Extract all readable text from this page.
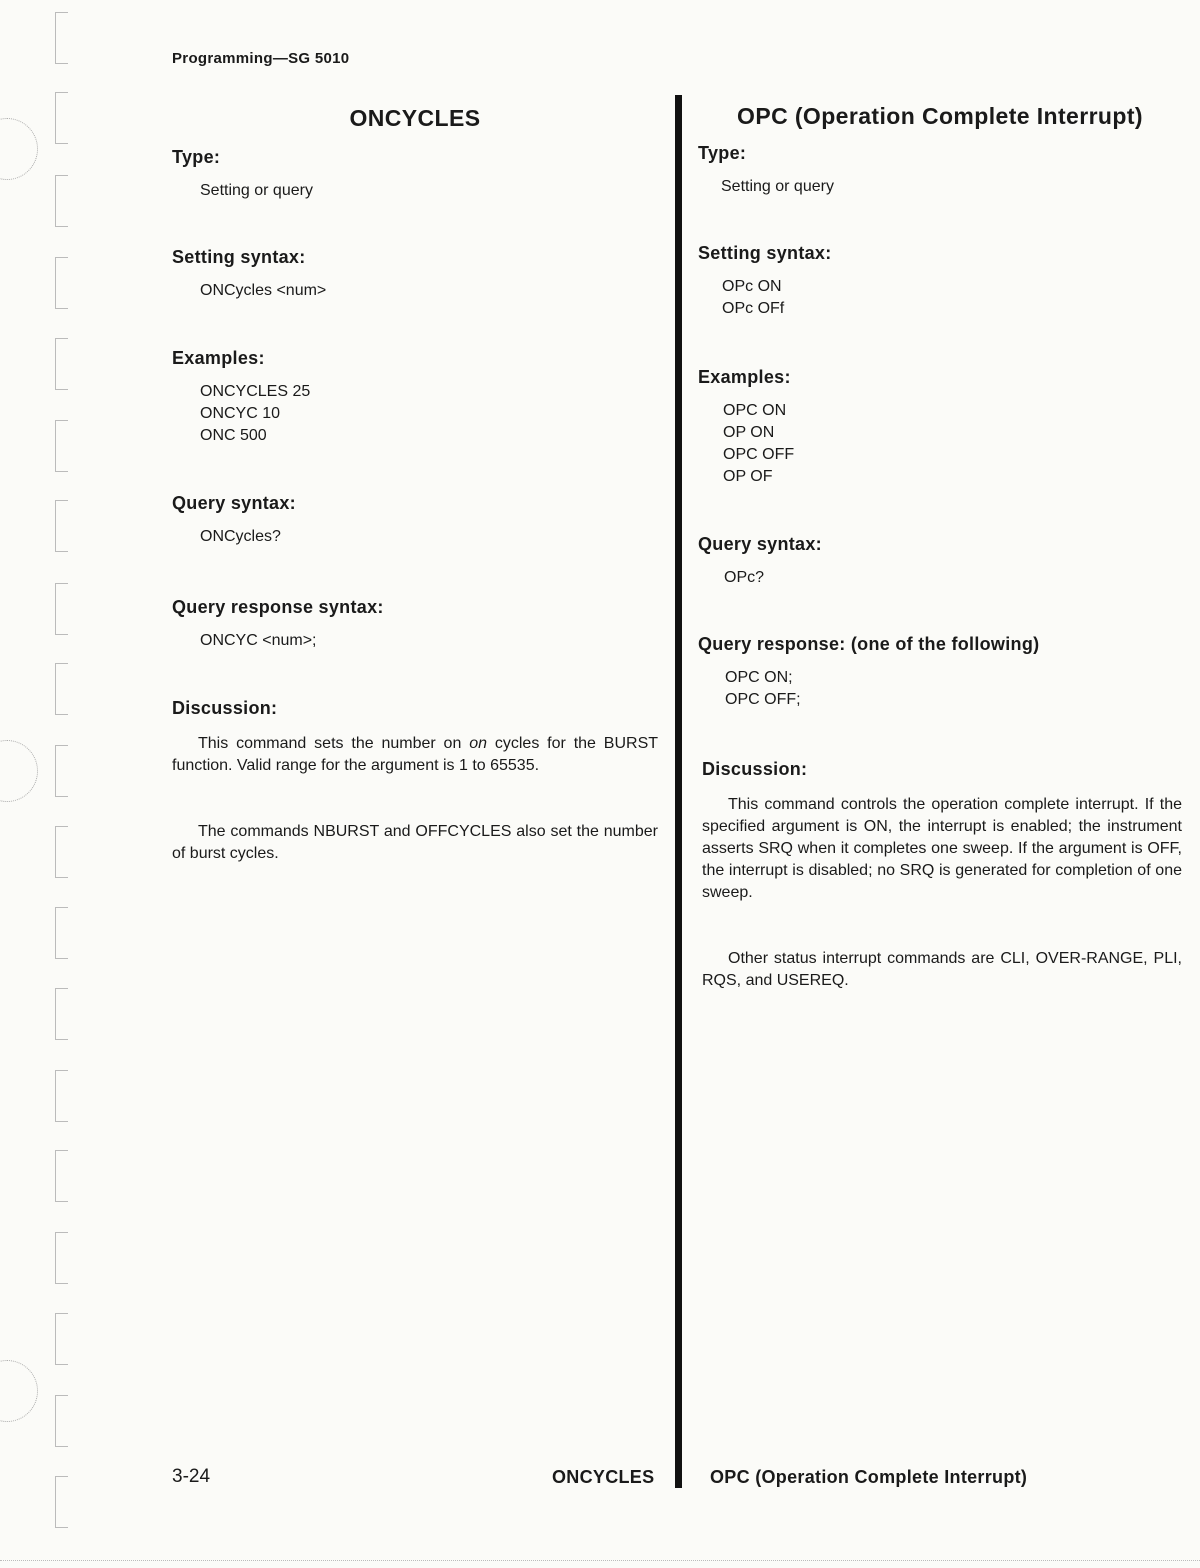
Programming—SG 5010
ONCYCLES
Type:
Setting or query
Setting syntax:
ONCycles <num>
Examples:
ONCYCLES 25
ONCYC 10
ONC 500
Query syntax:
ONCycles?
Query response syntax:
ONCYC <num>;
Discussion:

This command sets the number on on cycles for the BURST function. Valid range for the argument is 1 to 65535.

The commands NBURST and OFFCYCLES also set the number of burst cycles.

OPC (Operation Complete Interrupt)
Type:
Setting or query
Setting syntax:
OPc ON
OPc OFf
Examples:
OPC ON
OP ON
OPC OFF
OP OF
Query syntax:
OPc?
Query response: (one of the following)
OPC ON;
OPC OFF;
Discussion:

This command controls the operation complete interrupt. If the specified argument is ON, the interrupt is enabled; the instrument asserts SRQ when it completes one sweep. If the argument is OFF, the interrupt is disabled; no SRQ is generated for completion of one sweep.

Other status interrupt commands are CLI, OVER-RANGE, PLI, RQS, and USEREQ.

3-24	ONCYCLES	OPC (Operation Complete Interrupt)
